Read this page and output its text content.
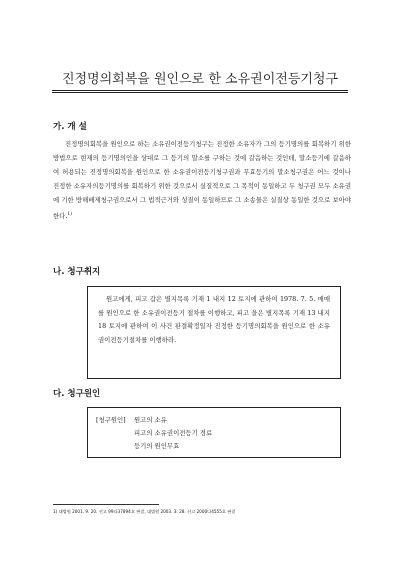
진정명의회복을 원인으로 한 소유권이전등기청구
가. 개 설

진정명의회복을 원인으로 하는 소유권이전등기청구는 진정한 소유자가 그의 등기명의를 회복하기 위한 방법으로 현재의 등기명의인을 상대로 그 등기의 말소를 구하는 것에 갈음하는 것인데, 말소등기에 갈음하여 허용되는 진정명의회복을 원인으로 한 소유권이전등기청구권과 무효등기의 말소청구권은 어느 것이나 진정한 소유자의등기명의를 회복하기 위한 것으로서 실질적으로 그 목적이 동일하고 두 청구권 모두 소유권에 기한 방해배제청구권으로서 그 법적근거와 성질이 동일하므로 그 소송물은 실질상 동일한 것으로 보아야 한다.$^{1)}$

나. 청구취지

원고에게, 피고 갑은 별지목록 기재 1 내지 12 토지에 관하여 1978. 7. 5. 매매를 원인으로 한 소유권이전등기 절차를 이행하고, 피고 을은 별지목록 기재 13 내지 18 토지에 관하여 이 사건 판결확정일자 진정한 등기명의회복을 원인으로 한 소유권이전등기절차를 이행하라.

다. 청구원인
[청구원인] 원고의 소유
피고의 소유권이전등기 경료
등기의 원인무효
1) 대법원 2001. 9. 20. 선고 99다37894호 판결, 대법원 2003. 3. 28. 선고 2000다4555호 판결
